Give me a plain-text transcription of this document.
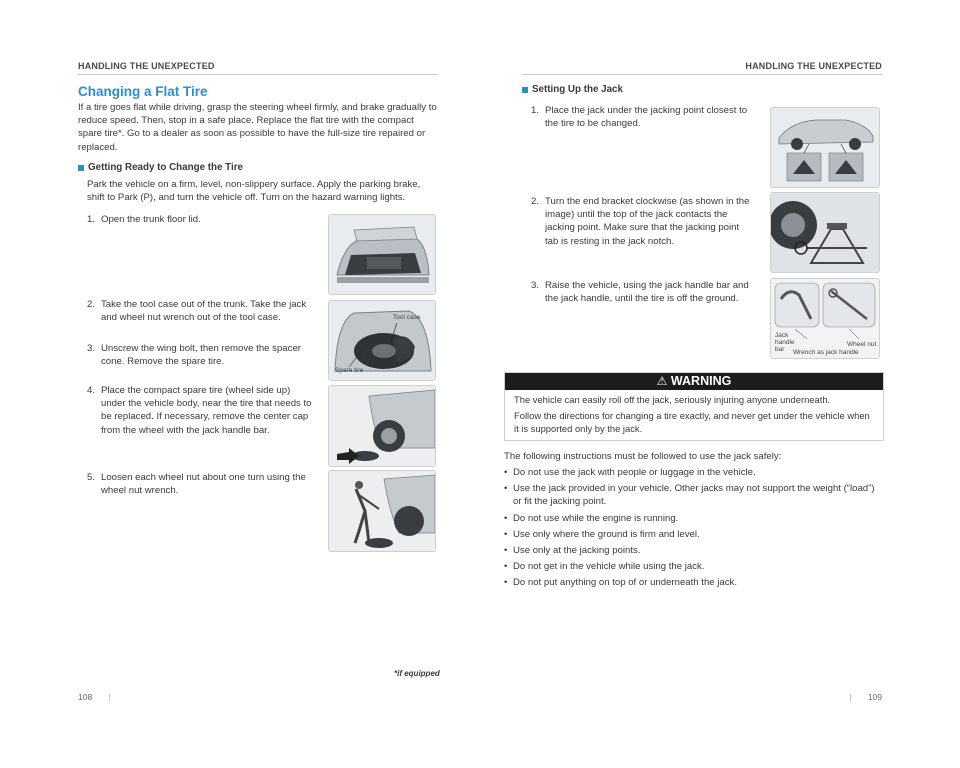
HANDLING THE UNEXPECTED
Changing a Flat Tire
If a tire goes flat while driving, grasp the steering wheel firmly, and brake gradually to reduce speed. Then, stop in a safe place. Replace the flat tire with the compact spare tire*. Go to a dealer as soon as possible to have the full-size tire repaired or replaced.
Getting Ready to Change the Tire
Park the vehicle on a firm, level, non-slippery surface. Apply the parking brake, shift to Park (P), and turn the vehicle off. Turn on the hazard warning lights.
1. Open the trunk floor lid.
2. Take the tool case out of the trunk. Take the jack and wheel nut wrench out of the tool case.
3. Unscrew the wing bolt, then remove the spacer cone. Remove the spare tire.
4. Place the compact spare tire (wheel side up) under the vehicle body, near the tire that needs to be replaced. If necessary, remove the center cap from the wheel with the jack handle bar.
5. Loosen each wheel nut about one turn using the wheel nut wrench.
Tool case
Spare tire
*if equipped
108 |
HANDLING THE UNEXPECTED
Setting Up the Jack
1. Place the jack under the jacking point closest to the tire to be changed.
2. Turn the end bracket clockwise (as shown in the image) until the top of the jack contacts the jacking point. Make sure that the jacking point tab is resting in the jack notch.
3. Raise the vehicle, using the jack handle bar and the jack handle, until the tire is off the ground.
Jack
handle
bar
Wheel nut
Wrench as jack handle
⚠ WARNING
The vehicle can easily roll off the jack, seriously injuring anyone underneath.
Follow the directions for changing a tire exactly, and never get under the vehicle when it is supported only by the jack.
The following instructions must be followed to use the jack safely:
• Do not use the jack with people or luggage in the vehicle.
• Use the jack provided in your vehicle. Other jacks may not support the weight (“load”) or fit the jacking point.
• Do not use while the engine is running.
• Use only where the ground is firm and level.
• Use only at the jacking points.
• Do not get in the vehicle while using the jack.
• Do not put anything on top of or underneath the jack.
| 109
